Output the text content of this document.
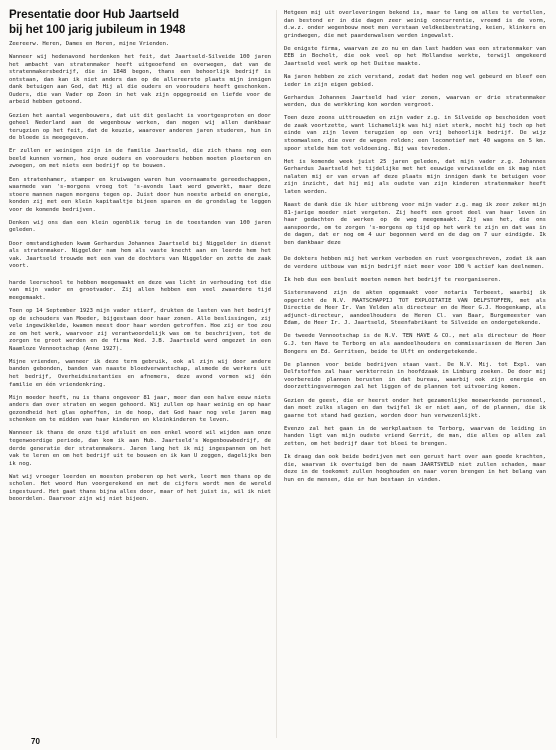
Presentatie door Hub Jaartseld
bij het 100 jarig jubileum in 1948

Zeereerw. Heren, Dames en Heren, mijne Vrienden.

Wanneer wij hedenavond herdenken het feit, dat Jaartseld-Silveide 100 jaren het ambacht van stratenmaker heeft uitgeoefend en overwegen, dat van de stratenmakersbedrijf, die in 1848 begon, thans een behoorlijk bedrijf is ontstaan, dan kan ik niet anders dan op de allereerste plaats mijn innigen dank betuigen aan God, dat Hij al die ouders en voorouders heeft geschonken. Ouders, die van Vader op Zoon in het vak zijn opgegroeid en liefde voor de arbeid hebben getoond.

Gezien het aantal wegenbouwers, dat uit dit geslacht is voortgesproten en door geheel Nederland aan de wegenbouw werken, dan mogen wij allen dankbaar terugzien op het feit, dat de keuzie, waarover anderen jaren studeren, hun in de bloede is meegegeven.

Er zullen er weinigen zijn in de familie Jaartseld, die zich thans nog een beeld kunnen vormen, hoe onze ouders en voorouders hebben moeten ploeteren en zwoegen, om met niets een bedrijf op te bouwen.

Een stratenhamer, stamper en kruiwagen waren hun voornaamste gereedschappen, waarmede van 's-morgens vroeg tot 's-avonds laat werd gewerkt, maar deze stoere mannen nagen morgens tegen op. Juist door hun noeste arbeid en energie, konden zij met een klein kapitaaltje bijeen sparen en de grondslag te leggen voor de komende bedrijven.

Denken wij ons dan een klein ogenblik terug in de toestanden van 100 jaren geleden.

Door omstandigheden kwam Gerhardus Johannes Jaartseld bij Niggelder in dienst als stratenmaker. Niggelder nam hem als vaste knecht aan en leerde hem het vak. Jaartseld trouwde met een van de dochters van Niggelder en zette de zaak voort.

harde leerschool te hebben meegemaakt en deze was licht in verhouding tot die van mijn vader en grootvader. Zij allen hebben een veel zwaardere tijd meegemaakt.

Toen op 14 September 1923 mijn vader stierf, drukten de lasten van het bedrijf op de schouders van Moeder, bijgestaan door haar zonen. Alle beslissingen, zij vele ingewikkelde, kwamen meest door haar worden getroffen. Hoe zij er toe zou ze om het werk, waarvoor zij verantwoordelijk was om te beschrijven, tot de zorgen te groot werden en de firma Wed. J.B. Jaartseld werd omgezet in een Naamloze Vennootschap (Anne 1927).

Mijne vrienden, wanneer ik deze term gebruik, ook al zijn wij door andere banden gebonden, banden van naaste bloedverwantschap, alsmede de werkers uit het bedrijf, Overheidsinstanties en afnemers, deze avond vormen wij één familie en één vriendenkring.

Mijn moeder heeft, nu is thans ongeveer 81 jaar, meer dan een halve eeuw niets anders dan over straten en wegen gehoord. Wij zullen op haar weinig en op haar gezondheid het glas opheffen, in de hoop, dat God haar nog vele jaren mag schenken om te midden van haar kinderen en kleinkinderen te leven.

Wanneer ik thans de onze tijd afsluit en een enkel woord wil wijden aan onze tegenwoordige periode, dan kom ik aan Hub. Jaartseld's Wegenbouwbedrijf, de derde generatie der stratenmakers. Jaren lang het ik mij ingespannen om het vak te leren en om het bedrijf uit te bouwen en ik kan U zeggen, dagelijks ben ik nog.

Wat wij vroeger leerden en moesten proberen op het werk, leert men thans op de scholen. Het woord Hun voorgerekend en met de cijfers wordt men de wereld ingestuurd. Het gaat thans bijna alles door, maar of het juist is, wil ik niet beoordelen. Daarvoor zijn wij niet bijeen.

Hetgeen mij uit overleveringen bekend is, maar te lang om alles te vertellen, dan bestond er in die dagen zeer weinig concurrentie, vreemd is de vorm, d.w.z. onder wegenbouw moet men verstaan veldkeibestrating, keien, klinkers en grindwegen, die met paardenwalsen werden ingewalst.

De enigste firma, waarvan ze zo nu en dan last hadden was een stratenmaker van EEB in Bocholt, die ook veel op het Hollandse werkte, terwijl omgekeerd Jaartseld veel werk op het Duitse maakte.

Na jaren hebben ze zich verstand, zodat dat heden nog wel gebeurd en bleef een ieder in zijn eigen gebied.

Gerhardus Johannes Jaartseld had vier zonen, waarvan er drie stratenmaker werden, dus de werkkring kon worden vergroot.

Toen deze zoons uittrouwden en zijn vader z.g. in Silveide op beschoiden voet de zaak voortzette, want lichamelijk was hij niet sterk, mocht hij toch op het einde van zijn leven terugzien op een vrij behoorlijk bedrijf. De wijz stoomwalsen, die over de wegen rolden; een locomotief met 40 wagons en 5 km. spoor stelde hem tot voldoening. Bij was tevreden.

Het is komende week juist 25 jaren geleden, dat mijn vader z.g. Johannes Gerhardus Jaartseld het tijdelijke met het eeuwige verwisselde en ik mag niet nalaten mij er van ervan af deze plaats mijn innigen dank te betuigen voor zijn inzicht, dat hij mij als oudste van zijn kinderen stratenmaker heeft laten worden.

Naast de dank die ik hier uitbreng voor mijn vader z.g. mag ik zeer zeker mijn 81-jarige moeder niet vergeten. Zij heeft een groot deel van haar leven in haar gedachten de werken op de weg meegemaakt. Zij was het, die ons aanspoorde, om te zorgen 's-morgens op tijd op het werk te zijn en dat was in de dagen, dat er nog om 4 uur begonnen werd en de dag om 7 uur eindigde. Ik ben dankbaar deze

De dokters hebben mij het werken verboden en rust voorgeschreven, zodat ik aan de verdere uitbouw van mijn bedrijf niet meer voor 100 % actief kan deelnemen.

Ik heb dus een besluit moeten nemen het bedrijf te reorganiseren.

Sistersnavond zijn de akten opgemaakt voor notaris Terbeest, waarbij ik opgericht de N.V. MAATSCHAPPIJ TOT EXPLOITATIE VAN DELFSTOFFEN, met als Directie de Heer Ir. Van Velden als directeur en de Heer G.J. Hoogenkamp, als adjunct-directeur, aandeelhouders de Heren Cl. van Baar, Burgemeester van Edam, de Heer Ir. J. Jaartseld, Steenfabrikant te Silveide en ondergetekende.

De tweede Vennootschap is de N.V. TEN HAVE & CO., met als directeur de Heer G.J. ten Have te Terborg en als aandeelhouders en commissarissen de Heren Jan Bongers en Ed. Gerritsen, beide te Ulft en ondergetekende.

De plannen voor beide bedrijven staan vast. De N.V. Mij. tot Expl. van Delfstoffen zal haar werkterrein in hoofdzaak in Limburg zoeken. De door mij voorbereide plannen berusten in dat bureau, waarbij ook zijn energie en doorzettingsvermogen zal het liggen of de plannen tot uitvoering komen.

Gezien de geest, die er heerst onder het gezamenlijke meewerkende personeel, dan moet zulks slagen en dan twijfel ik er niet aan, of de plannen, die ik gaarne tot stand had gezien, worden door hun verwezenlijkt.

Evenzo zal het gaan in de werkplaatsen te Terborg, waarvan de leiding in handen ligt van mijn oudste vriend Gerrit, de man, die alles op alles zal zetten, om het bedrijf daar tot bloei te brengen.

Ik draag dan ook beide bedrijven met een gerust hart over aan goede krachten, die, waarvan ik overtuigd ben de naam JAARTSVELD niet zullen schaden, maar deze in de toekomst zullen hooghouden en naar voren brengen in het belang van hun en de mensen, die er hun bestaan in vinden.

70
